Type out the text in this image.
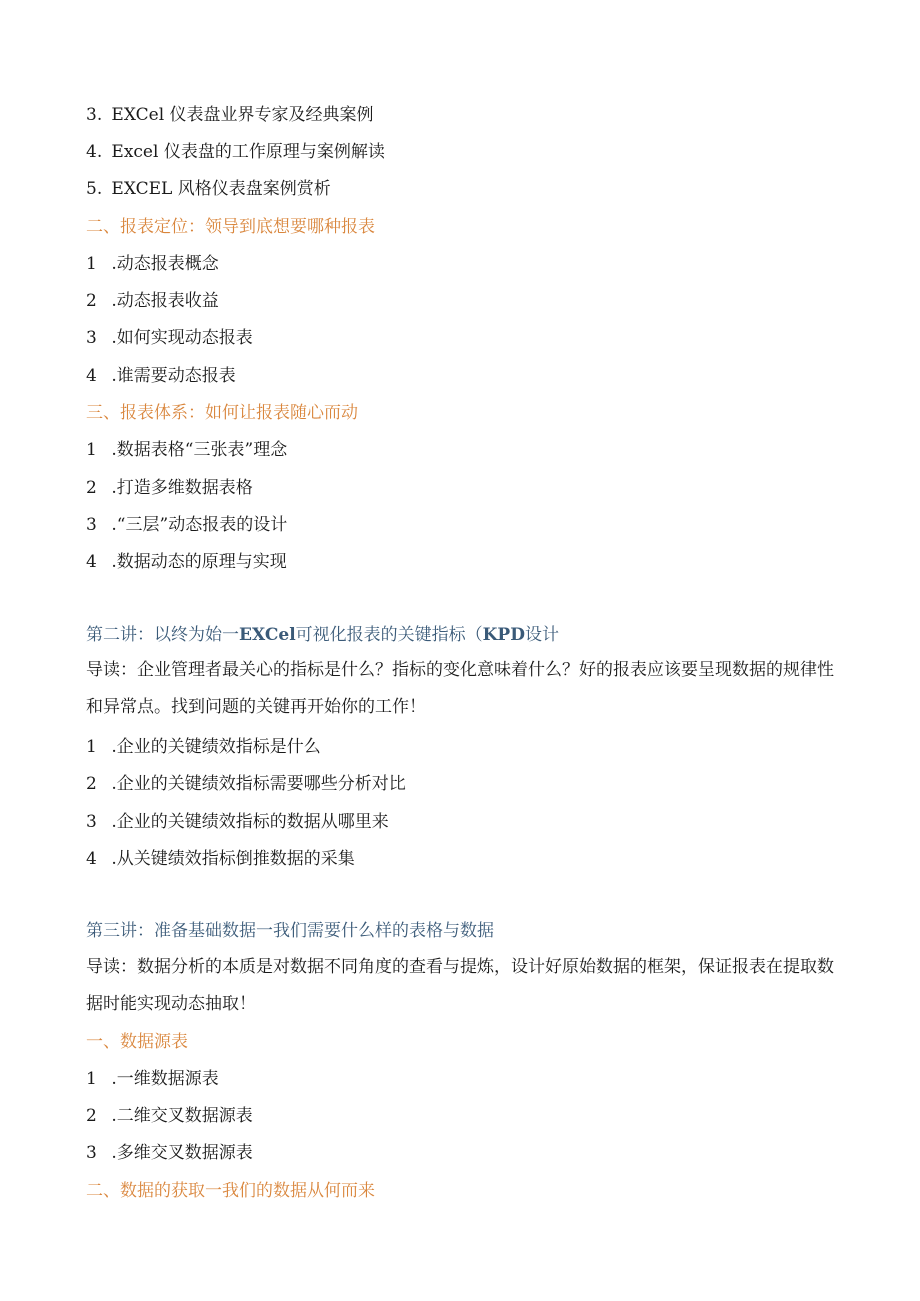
3. EXCel 仪表盘业界专家及经典案例
4. Excel 仪表盘的工作原理与案例解读
5. EXCEL 风格仪表盘案例赏析
二、报表定位：领导到底想要哪种报表
1 .动态报表概念
2 .动态报表收益
3 .如何实现动态报表
4 .谁需要动态报表
三、报表体系：如何让报表随心而动
1 .数据表格“三张表”理念
2 .打造多维数据表格
3 .“三层”动态报表的设计
4 .数据动态的原理与实现
第二讲：以终为始一EXCel可视化报表的关键指标（KPD设计
导读：企业管理者最关心的指标是什么？指标的变化意味着什么？好的报表应该要呈现数据的规律性和异常点。找到问题的关键再开始你的工作！
1 .企业的关键绩效指标是什么
2 .企业的关键绩效指标需要哪些分析对比
3 .企业的关键绩效指标的数据从哪里来
4 .从关键绩效指标倒推数据的采集
第三讲：准备基础数据一我们需要什么样的表格与数据
导读：数据分析的本质是对数据不同角度的查看与提炼，设计好原始数据的框架，保证报表在提取数据时能实现动态抽取！
一、数据源表
1 .一维数据源表
2 .二维交叉数据源表
3 .多维交叉数据源表
二、数据的获取一我们的数据从何而来
